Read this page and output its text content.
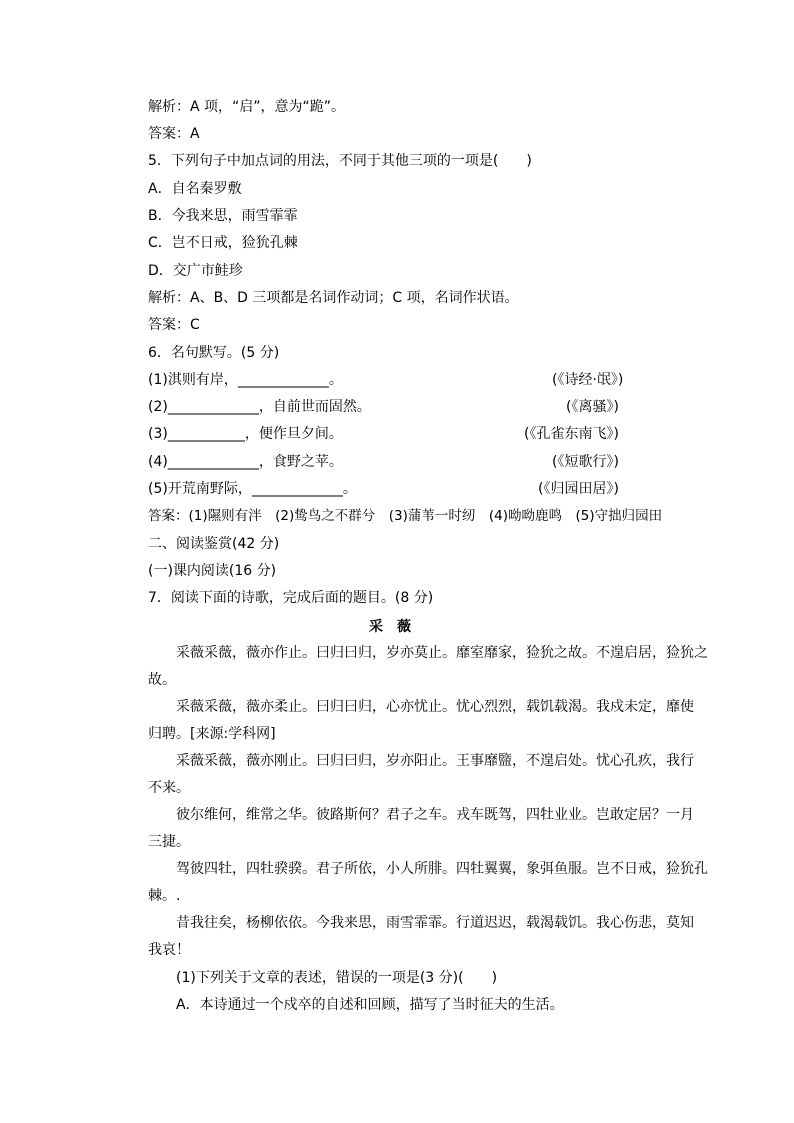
解析：A 项，“启”，意为“跪”。
答案：A
5．下列句子中加点词的用法，不同于其他三项的一项是(　　)
A．自名秦罗敷
B．今我来思，雨雪霏霏
C．岂不日戒，猃狁孔棘
D．交广市鲑珍
解析：A、B、D 三项都是名词作动词；C 项，名词作状语。
答案：C
6．名句默写。(5 分)
(1)淇则有岸，_____________。	(《诗经·氓》)
(2)_____________，自前世而固然。	(《离骚》)
(3)___________，便作旦夕间。	(《孔雀东南飞》)
(4)_____________，食野之苹。	(《短歌行》)
(5)开荒南野际，_____________。	(《归园田居》)
答案：(1)隰则有泮　(2)鸷鸟之不群兮　(3)蒲苇一时纫　(4)呦呦鹿鸣　(5)守拙归园田
二、阅读鉴赏(42 分)
(一)课内阅读(16 分)
7．阅读下面的诗歌，完成后面的题目。(8 分)
采薇
采薇采薇，薇亦作止。曰归曰归，岁亦莫止。靡室靡家，猃狁之故。不遑启居，猃狁之
故。
采薇采薇，薇亦柔止。曰归曰归，心亦忧止。忧心烈烈，载饥载渴。我戍未定，靡使
归聘。[来源:学科网]
采薇采薇，薇亦刚止。曰归曰归，岁亦阳止。王事靡盬，不遑启处。忧心孔疚，我行
不来。
彼尔维何，维常之华。彼路斯何？君子之车。戎车既驾，四牡业业。岂敢定居？一月
三捷。
驾彼四牡，四牡骙骙。君子所依，小人所腓。四牡翼翼，象弭鱼服。岂不日戒，猃狁孔
棘。.
昔我往矣，杨柳依依。今我来思，雨雪霏霏。行道迟迟，载渴载饥。我心伤悲，莫知
我哀！
(1)下列关于文章的表述，错误的一项是(3 分)(　　)
A．本诗通过一个戍卒的自述和回顾，描写了当时征夫的生活。
